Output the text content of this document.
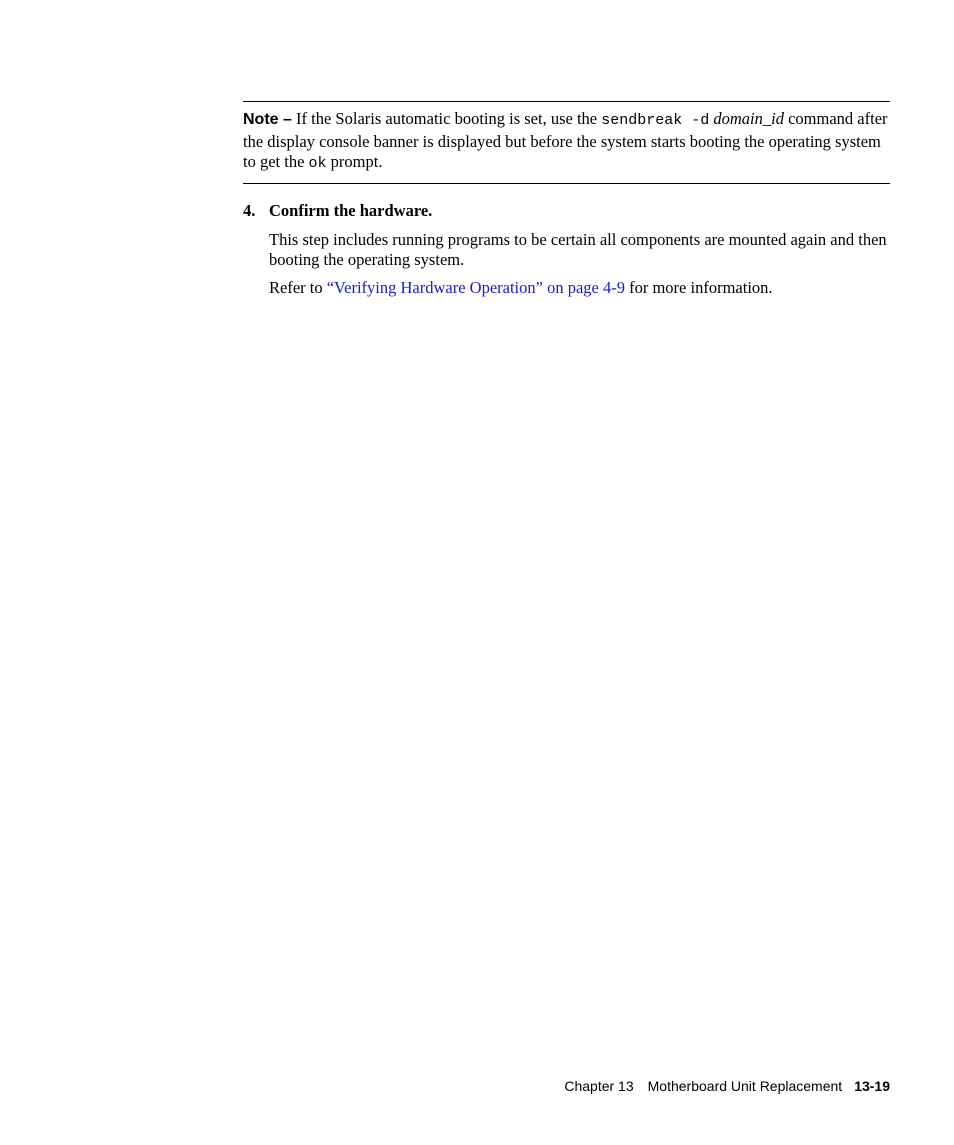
Note – If the Solaris automatic booting is set, use the sendbreak -d domain_id command after the display console banner is displayed but before the system starts booting the operating system to get the ok prompt.
4. Confirm the hardware.

This step includes running programs to be certain all components are mounted again and then booting the operating system.

Refer to “Verifying Hardware Operation” on page 4-9 for more information.

Chapter 13 Motherboard Unit Replacement 13-19
